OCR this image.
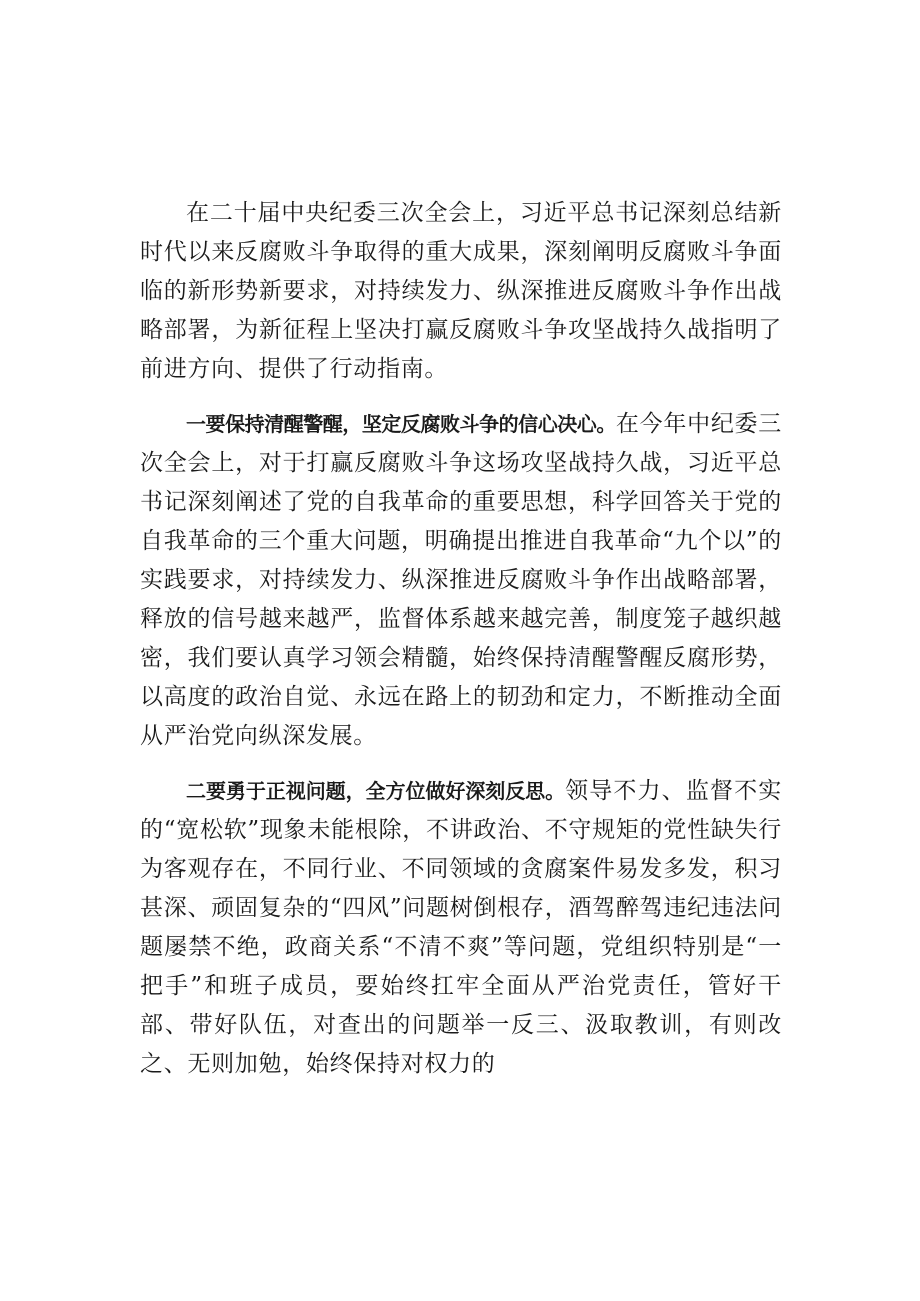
在二十届中央纪委三次全会上，习近平总书记深刻总结新时代以来反腐败斗争取得的重大成果，深刻阐明反腐败斗争面临的新形势新要求，对持续发力、纵深推进反腐败斗争作出战略部署，为新征程上坚决打赢反腐败斗争攻坚战持久战指明了前进方向、提供了行动指南。

一要保持清醒警醒，坚定反腐败斗争的信心决心。在今年中纪委三次全会上，对于打赢反腐败斗争这场攻坚战持久战，习近平总书记深刻阐述了党的自我革命的重要思想，科学回答关于党的自我革命的三个重大问题，明确提出推进自我革命“九个以”的实践要求，对持续发力、纵深推进反腐败斗争作出战略部署，释放的信号越来越严，监督体系越来越完善，制度笼子越织越密，我们要认真学习领会精髓，始终保持清醒警醒反腐形势，以高度的政治自觉、永远在路上的韧劲和定力，不断推动全面从严治党向纵深发展。

二要勇于正视问题，全方位做好深刻反思。领导不力、监督不实的“宽松软”现象未能根除，不讲政治、不守规矩的党性缺失行为客观存在，不同行业、不同领域的贪腐案件易发多发，积习甚深、顽固复杂的“四风”问题树倒根存，酒驾醉驾违纪违法问题屡禁不绝，政商关系“不清不爽”等问题，党组织特别是“一把手”和班子成员，要始终扛牢全面从严治党责任，管好干部、带好队伍，对查出的问题举一反三、汲取教训，有则改之、无则加勉，始终保持对权力的
